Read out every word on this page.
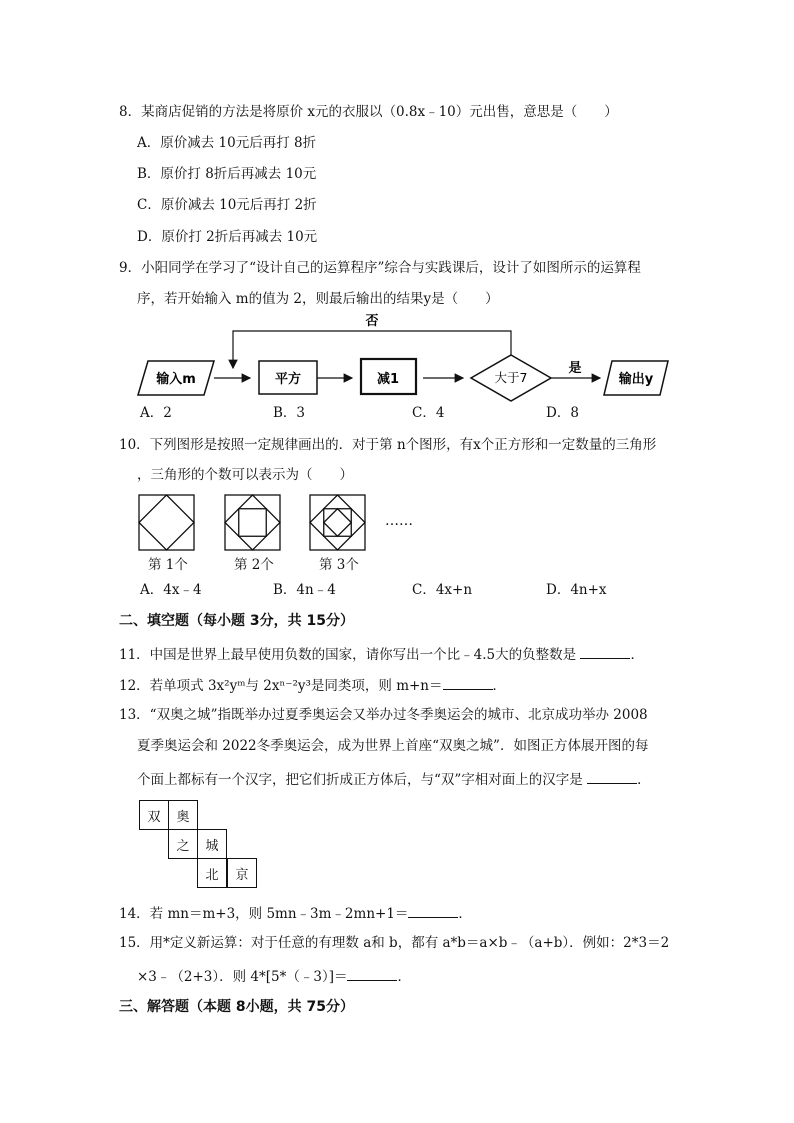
8．某商店促销的方法是将原价 x元的衣服以（0.8x﹣10）元出售，意思是（　　）
A．原价减去 10元后再打 8折
B．原价打 8折后再减去 10元
C．原价减去 10元后再打 2折
D．原价打 2折后再减去 10元
9．小阳同学在学习了“设计自己的运算程序”综合与实践课后，设计了如图所示的运算程
序，若开始输入 m的值为 2，则最后输出的结果y是（　　）
输入m	平方	减1	大于7
否
是
输出y
A．2	B．3	C．4	D．8
10．下列图形是按照一定规律画出的．对于第 n个图形，有x个正方形和一定数量的三角形
，三角形的个数可以表示为（　　）
……
第 1个	第 2个	第 3个
A．4x﹣4	B．4n﹣4	C．4x+n	D．4n+x
二、填空题（每小题 3分，共 15分）
11．中国是世界上最早使用负数的国家，请你写出一个比﹣4.5大的负整数是	．
12．若单项式 3x²yᵐ与 2xⁿ⁻²y³是同类项，则 m+n＝	．
13．“双奥之城”指既举办过夏季奥运会又举办过冬季奥运会的城市、北京成功举办 2008
夏季奥运会和 2022冬季奥运会，成为世界上首座“双奥之城”．如图正方体展开图的每
个面上都标有一个汉字，把它们折成正方体后，与“双”字相对面上的汉字是	．
双	奥
之	城
北	京
14．若 mn＝m+3，则 5mn﹣3m﹣2mn+1＝	．
15．用*定义新运算：对于任意的有理数 a和 b，都有 a*b＝a×b﹣（a+b）．例如：2*3＝2
×3﹣（2+3）．则 4*[5*（﹣3）]＝	．
三、解答题（本题 8小题，共 75分）
